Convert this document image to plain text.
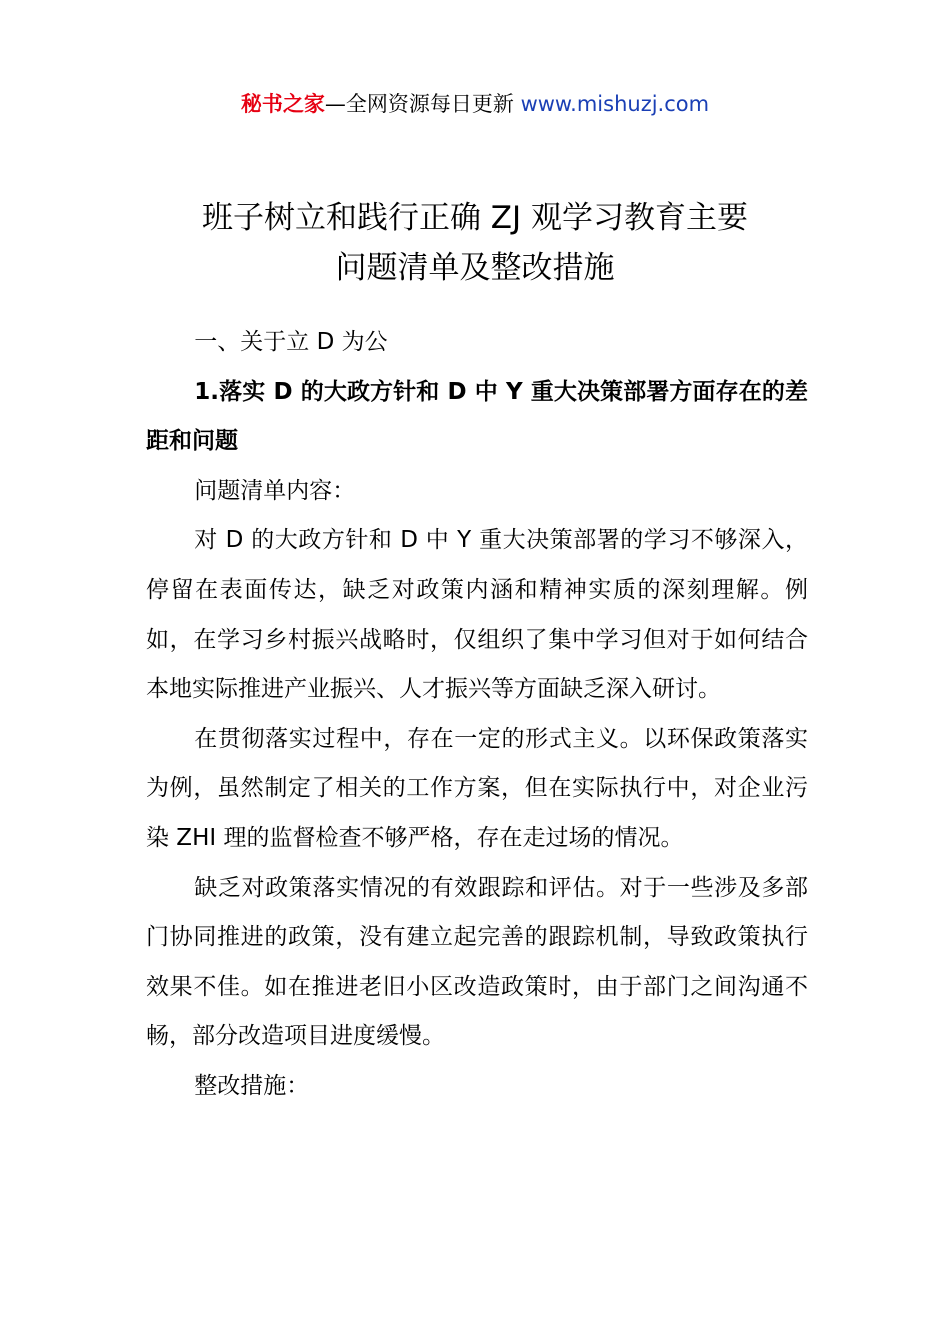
秘书之家—全网资源每日更新 www.mishuzj.com
班子树立和践行正确 ZJ 观学习教育主要
问题清单及整改措施

一、关于立 D 为公

1.落实 D 的大政方针和 D 中 Y 重大决策部署方面存在的差距和问题

问题清单内容：

对 D 的大政方针和 D 中 Y 重大决策部署的学习不够深入，停留在表面传达，缺乏对政策内涵和精神实质的深刻理解。例如，在学习乡村振兴战略时，仅组织了集中学习但对于如何结合本地实际推进产业振兴、人才振兴等方面缺乏深入研讨。

在贯彻落实过程中，存在一定的形式主义。以环保政策落实为例，虽然制定了相关的工作方案，但在实际执行中，对企业污染 ZHI 理的监督检查不够严格，存在走过场的情况。

缺乏对政策落实情况的有效跟踪和评估。对于一些涉及多部门协同推进的政策，没有建立起完善的跟踪机制，导致政策执行效果不佳。如在推进老旧小区改造政策时，由于部门之间沟通不畅，部分改造项目进度缓慢。

整改措施：
